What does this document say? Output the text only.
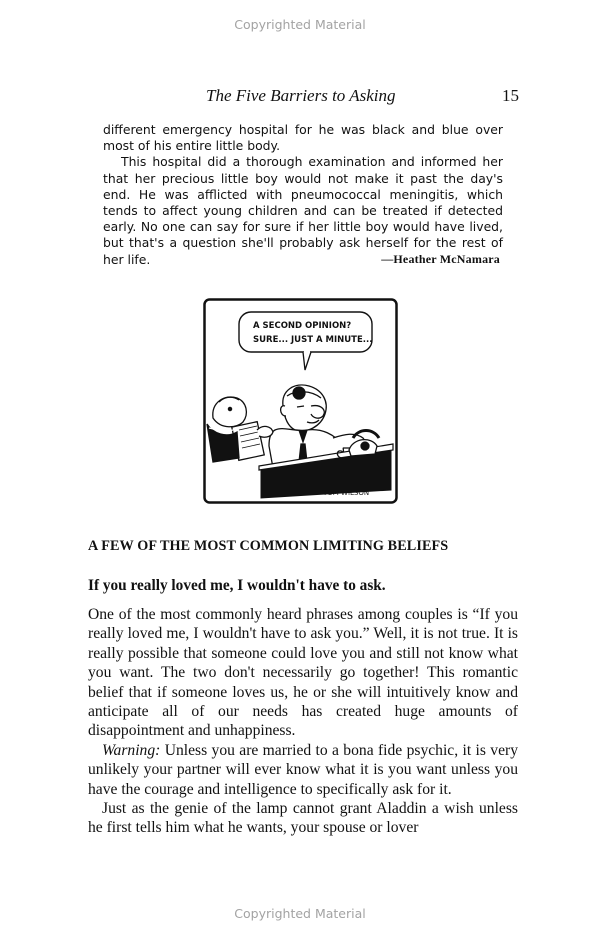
Copyrighted Material
The Five Barriers to Asking	15

different emergency hospital for he was black and blue over most of his entire little body.

This hospital did a thorough examination and informed her that her precious little boy would not make it past the day's end. He was afflicted with pneumococcal meningitis, which tends to affect young children and can be treated if detected early. No one can say for sure if her little boy would have lived, but that's a question she'll probably ask herself for the rest of her life.	—Heather McNamara
A SECOND OPINION?
SURE... JUST A MINUTE...
TOM WILSON
A FEW OF THE MOST COMMON LIMITING BELIEFS
If you really loved me, I wouldn't have to ask.

One of the most commonly heard phrases among couples is “If you really loved me, I wouldn't have to ask you.” Well, it is not true. It is really possible that someone could love you and still not know what you want. The two don't necessarily go together! This romantic belief that if someone loves us, he or she will intuitively know and anticipate all of our needs has created huge amounts of disappointment and unhappiness.

Warning: Unless you are married to a bona fide psychic, it is very unlikely your partner will ever know what it is you want unless you have the courage and intelligence to specifically ask for it.

Just as the genie of the lamp cannot grant Aladdin a wish unless he first tells him what he wants, your spouse or lover

Copyrighted Material
